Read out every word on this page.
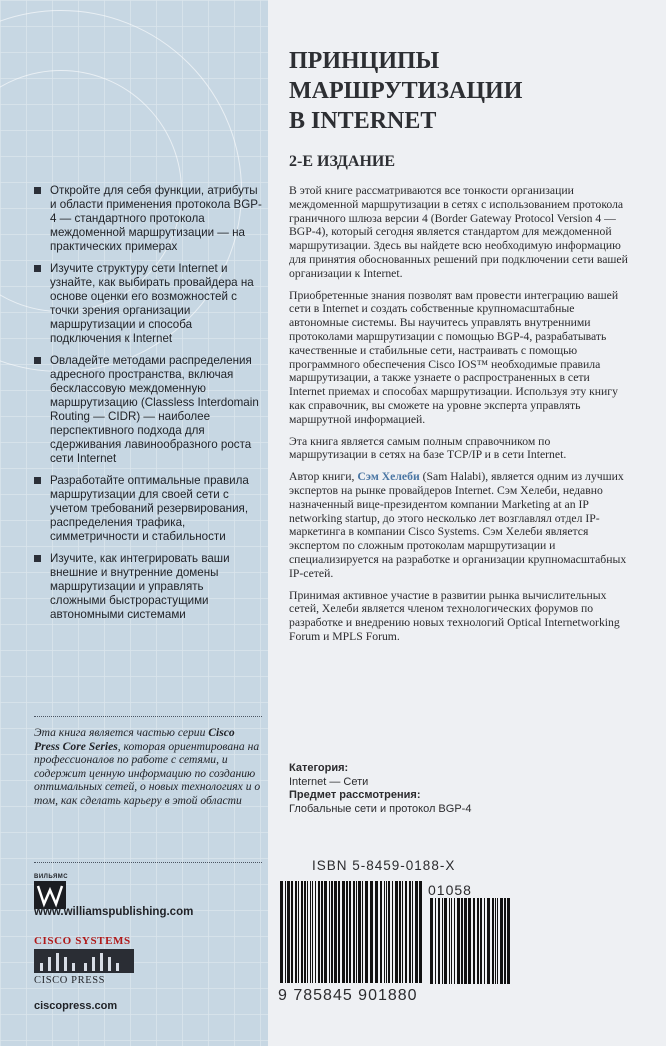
Откройте для себя функции, атрибуты и области применения протокола BGP-4 — стандартного протокола междоменной маршрутизации — на практических примерах
Изучите структуру сети Internet и узнайте, как выбирать провайдера на основе оценки его возможностей с точки зрения организации маршрутизации и способа подключения к Internet
Овладейте методами распределения адресного пространства, включая бесклассовую междоменную маршрутизацию (Classless Interdomain Routing — CIDR) — наиболее перспективного подхода для сдерживания лавинообразного роста сети Internet
Разработайте оптимальные правила маршрутизации для своей сети с учетом требований резервирования, распределения трафика, симметричности и стабильности
Изучите, как интегрировать ваши внешние и внутренние домены маршрутизации и управлять сложными быстрорастущими автономными системами
Эта книга является частью серии Cisco Press Core Series, которая ориентирована на профессионалов по работе с сетями, и содержит ценную информацию по созданию оптимальных сетей, о новых технологиях и о том, как сделать карьеру в этой области
ВИЛЬЯМС
www.williamspublishing.com
CISCO SYSTEMS
CISCO PRESS
ciscopress.com
ПРИНЦИПЫ
МАРШРУТИЗАЦИИ
В INTERNET
2-Е ИЗДАНИЕ

В этой книге рассматриваются все тонкости организации междоменной маршрутизации в сетях с использованием протокола граничного шлюза версии 4 (Border Gateway Protocol Version 4 — BGP-4), который сегодня является стандартом для междоменной маршрутизации. Здесь вы найдете всю необходимую информацию для принятия обоснованных решений при подключении сети вашей организации к Internet.

Приобретенные знания позволят вам провести интеграцию вашей сети в Internet и создать собственные крупномасштабные автономные системы. Вы научитесь управлять внутренними протоколами маршрутизации с помощью BGP-4, разрабатывать качественные и стабильные сети, настраивать с помощью программного обеспечения Cisco IOS™ необходимые правила маршрутизации, а также узнаете о распространенных в сети Internet приемах и способах маршрутизации. Используя эту книгу как справочник, вы сможете на уровне эксперта управлять маршрутной информацией.

Эта книга является самым полным справочником по маршрутизации в сетях на базе TCP/IP и в сети Internet.

Автор книги, Сэм Хелеби (Sam Halabi), является одним из лучших экспертов на рынке провайдеров Internet. Сэм Хелеби, недавно назначенный вице-президентом компании Marketing at an IP networking startup, до этого несколько лет возглавлял отдел IP-маркетинга в компании Cisco Systems. Сэм Хелеби является экспертом по сложным протоколам маршрутизации и специализируется на разработке и организации крупномасштабных IP-сетей.

Принимая активное участие в развитии рынка вычислительных сетей, Хелеби является членом технологических форумов по разработке и внедрению новых технологий Optical Internetworking Forum и MPLS Forum.

Категория:
Internet — Сети
Предмет рассмотрения:
Глобальные сети и протокол BGP-4
ISBN 5-8459-0188-X
01058
9 785845 901880
